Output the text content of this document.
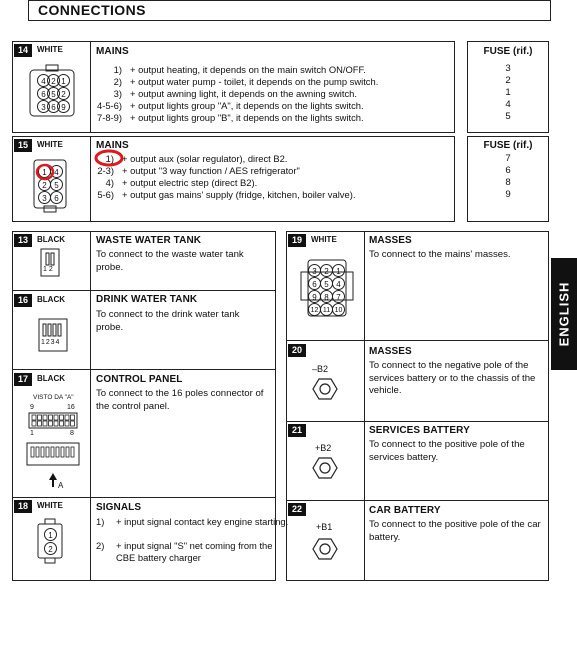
CONNECTIONS
14	WHITE	MAINS
4 2 1
6 5 2
3 6 9
1) + output heating, it depends on the main switch ON/OFF.
2) + output water pump - toilet, it depends on the pump switch.
3) + output awning light, it depends on the awning switch.
4-5-6) + output lights group "A", it depends on the lights switch.
7-8-9) + output lights group "B", it depends on the lights switch.
FUSE (rif.)
3
2
1
4
5
15	WHITE	MAINS
1 4
2 5
3 6
1) + output aux (solar regulator), direct B2.
2-3) + output "3 way function / AES refrigerator"
4) + output electric step (direct B2).
5-6) + output gas mains' supply (fridge, kitchen, boiler valve).
FUSE (rif.)
7
6
8
9
13	BLACK	WASTE WATER TANK
To connect to the waste water tank probe.
1 2
16	BLACK	DRINK WATER TANK
To connect to the drink water tank probe.
1 2 3 4
17	BLACK	CONTROL PANEL
To connect to the 16 poles connector of the control panel.
VISTO DA "A"
9	16
1	8
A
18	WHITE	SIGNALS
1) + input signal contact key engine starting.
2) + input signal "S" net coming from the CBE battery charger
1
2
19	WHITE	MASSES
To connect to the mains' masses.
3 2 1
6 5 4
9 8 7
12 11 10
20	MASSES
To connect to the negative pole of the services battery or to the chassis of the vehicle.
–B2
21	SERVICES BATTERY
To connect to the positive pole of the services battery.
+B2
22	CAR BATTERY
To connect to the positive pole of the car battery.
+B1
ENGLISH
